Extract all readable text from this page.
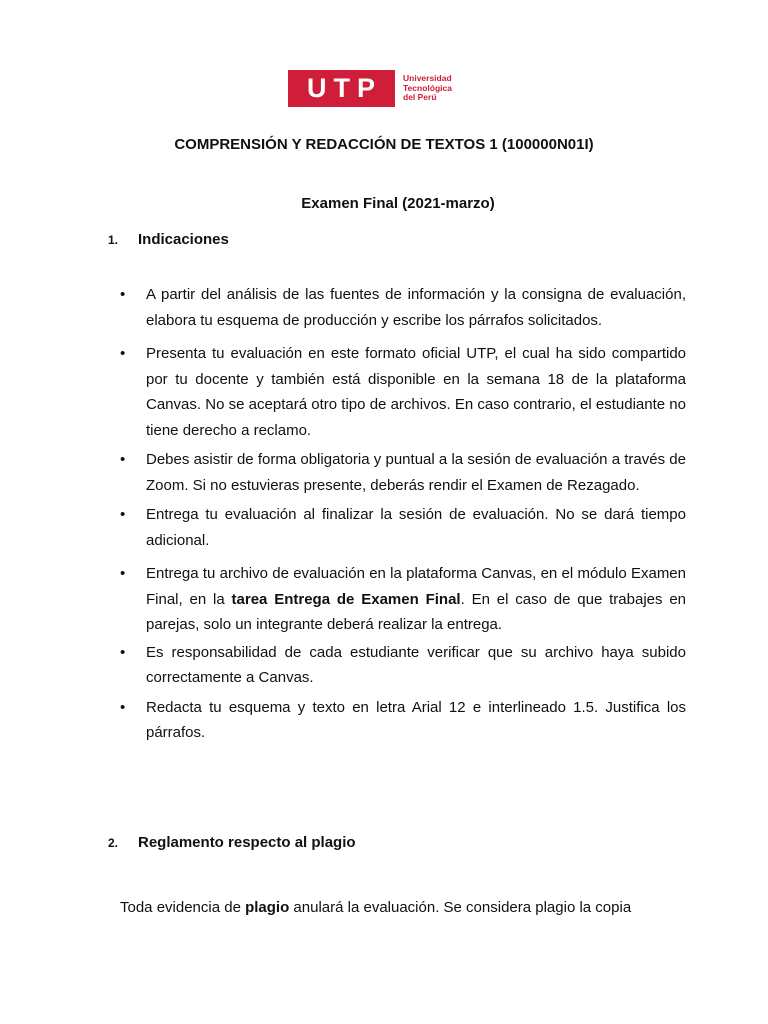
UTP	Universidad
Tecnológica
del Perú
COMPRENSIÓN Y REDACCIÓN DE TEXTOS 1 (100000N01I)
Examen Final (2021-marzo)
1.	Indicaciones
• A partir del análisis de las fuentes de información y la consigna de evaluación, elabora tu esquema de producción y escribe los párrafos solicitados.
• Presenta tu evaluación en este formato oficial UTP, el cual ha sido compartido por tu docente y también está disponible en la semana 18 de la plataforma Canvas. No se aceptará otro tipo de archivos. En caso contrario, el estudiante no tiene derecho a reclamo.
• Debes asistir de forma obligatoria y puntual a la sesión de evaluación a través de Zoom. Si no estuvieras presente, deberás rendir el Examen de Rezagado.
• Entrega tu evaluación al finalizar la sesión de evaluación. No se dará tiempo adicional.
• Entrega tu archivo de evaluación en la plataforma Canvas, en el módulo Examen Final, en la tarea Entrega de Examen Final. En el caso de que trabajes en parejas, solo un integrante deberá realizar la entrega.
• Es responsabilidad de cada estudiante verificar que su archivo haya subido correctamente a Canvas.
• Redacta tu esquema y texto en letra Arial 12 e interlineado 1.5. Justifica los párrafos.
2.	Reglamento respecto al plagio
Toda evidencia de plagio anulará la evaluación. Se considera plagio la copia
